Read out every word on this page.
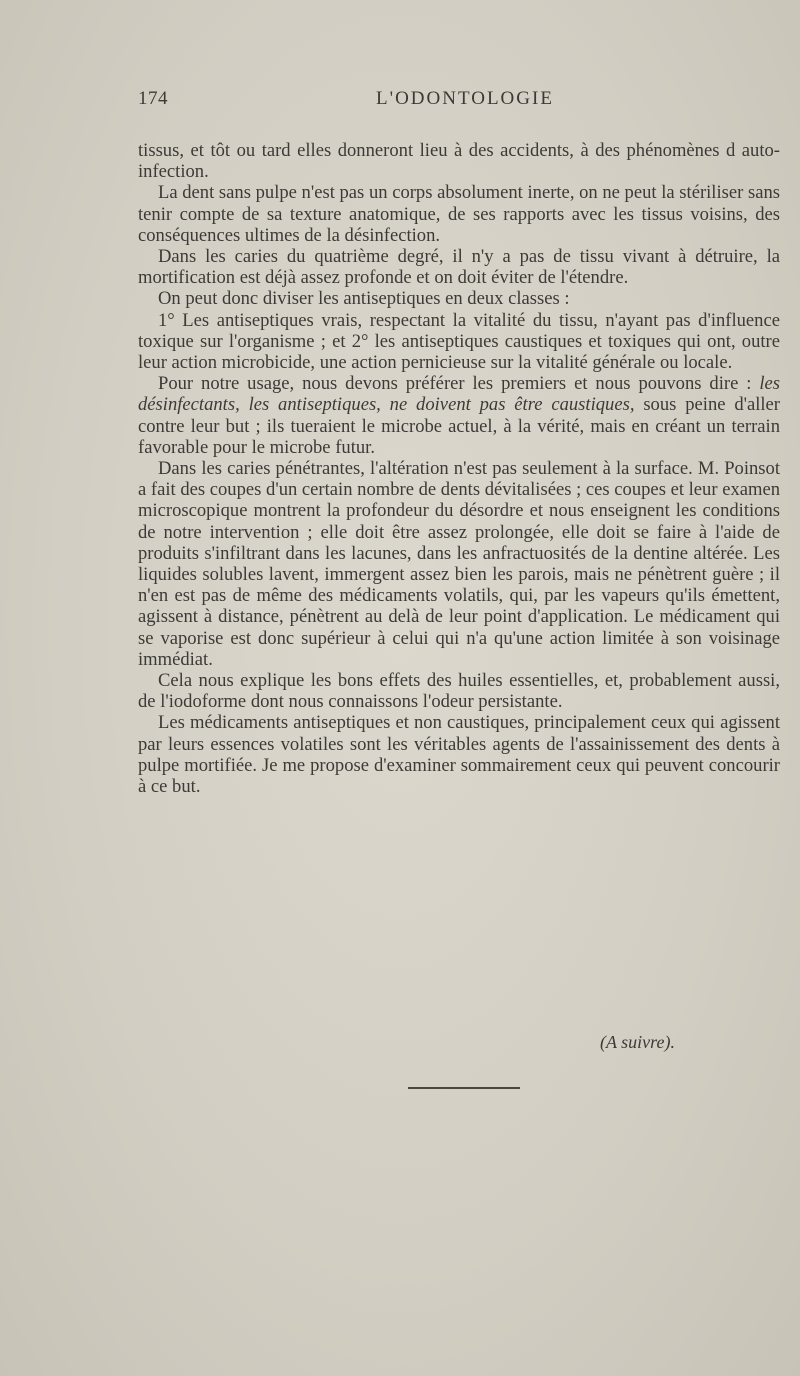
174	L'ODONTOLOGIE

tissus, et tôt ou tard elles donneront lieu à des accidents, à des phénomènes d auto-infection.

La dent sans pulpe n'est pas un corps absolument inerte, on ne peut la stériliser sans tenir compte de sa texture anatomique, de ses rapports avec les tissus voisins, des conséquences ultimes de la désinfection.

Dans les caries du quatrième degré, il n'y a pas de tissu vivant à détruire, la mortification est déjà assez profonde et on doit éviter de l'étendre.

On peut donc diviser les antiseptiques en deux classes :

1° Les antiseptiques vrais, respectant la vitalité du tissu, n'ayant pas d'influence toxique sur l'organisme ; et 2° les antiseptiques caustiques et toxiques qui ont, outre leur action microbicide, une action pernicieuse sur la vitalité générale ou locale.

Pour notre usage, nous devons préférer les premiers et nous pouvons dire : les désinfectants, les antiseptiques, ne doivent pas être caustiques, sous peine d'aller contre leur but ; ils tueraient le microbe actuel, à la vérité, mais en créant un terrain favorable pour le microbe futur.

Dans les caries pénétrantes, l'altération n'est pas seulement à la surface. M. Poinsot a fait des coupes d'un certain nombre de dents dévitalisées ; ces coupes et leur examen microscopique montrent la profondeur du désordre et nous enseignent les conditions de notre intervention ; elle doit être assez prolongée, elle doit se faire à l'aide de produits s'infiltrant dans les lacunes, dans les anfractuosités de la dentine altérée. Les liquides solubles lavent, immergent assez bien les parois, mais ne pénètrent guère ; il n'en est pas de même des médicaments volatils, qui, par les vapeurs qu'ils émettent, agissent à distance, pénètrent au delà de leur point d'application. Le médicament qui se vaporise est donc supérieur à celui qui n'a qu'une action limitée à son voisinage immédiat.

Cela nous explique les bons effets des huiles essentielles, et, probablement aussi, de l'iodoforme dont nous connaissons l'odeur persistante.

Les médicaments antiseptiques et non caustiques, principalement ceux qui agissent par leurs essences volatiles sont les véritables agents de l'assainissement des dents à pulpe mortifiée. Je me propose d'examiner sommairement ceux qui peuvent concourir à ce but.

(A suivre).
